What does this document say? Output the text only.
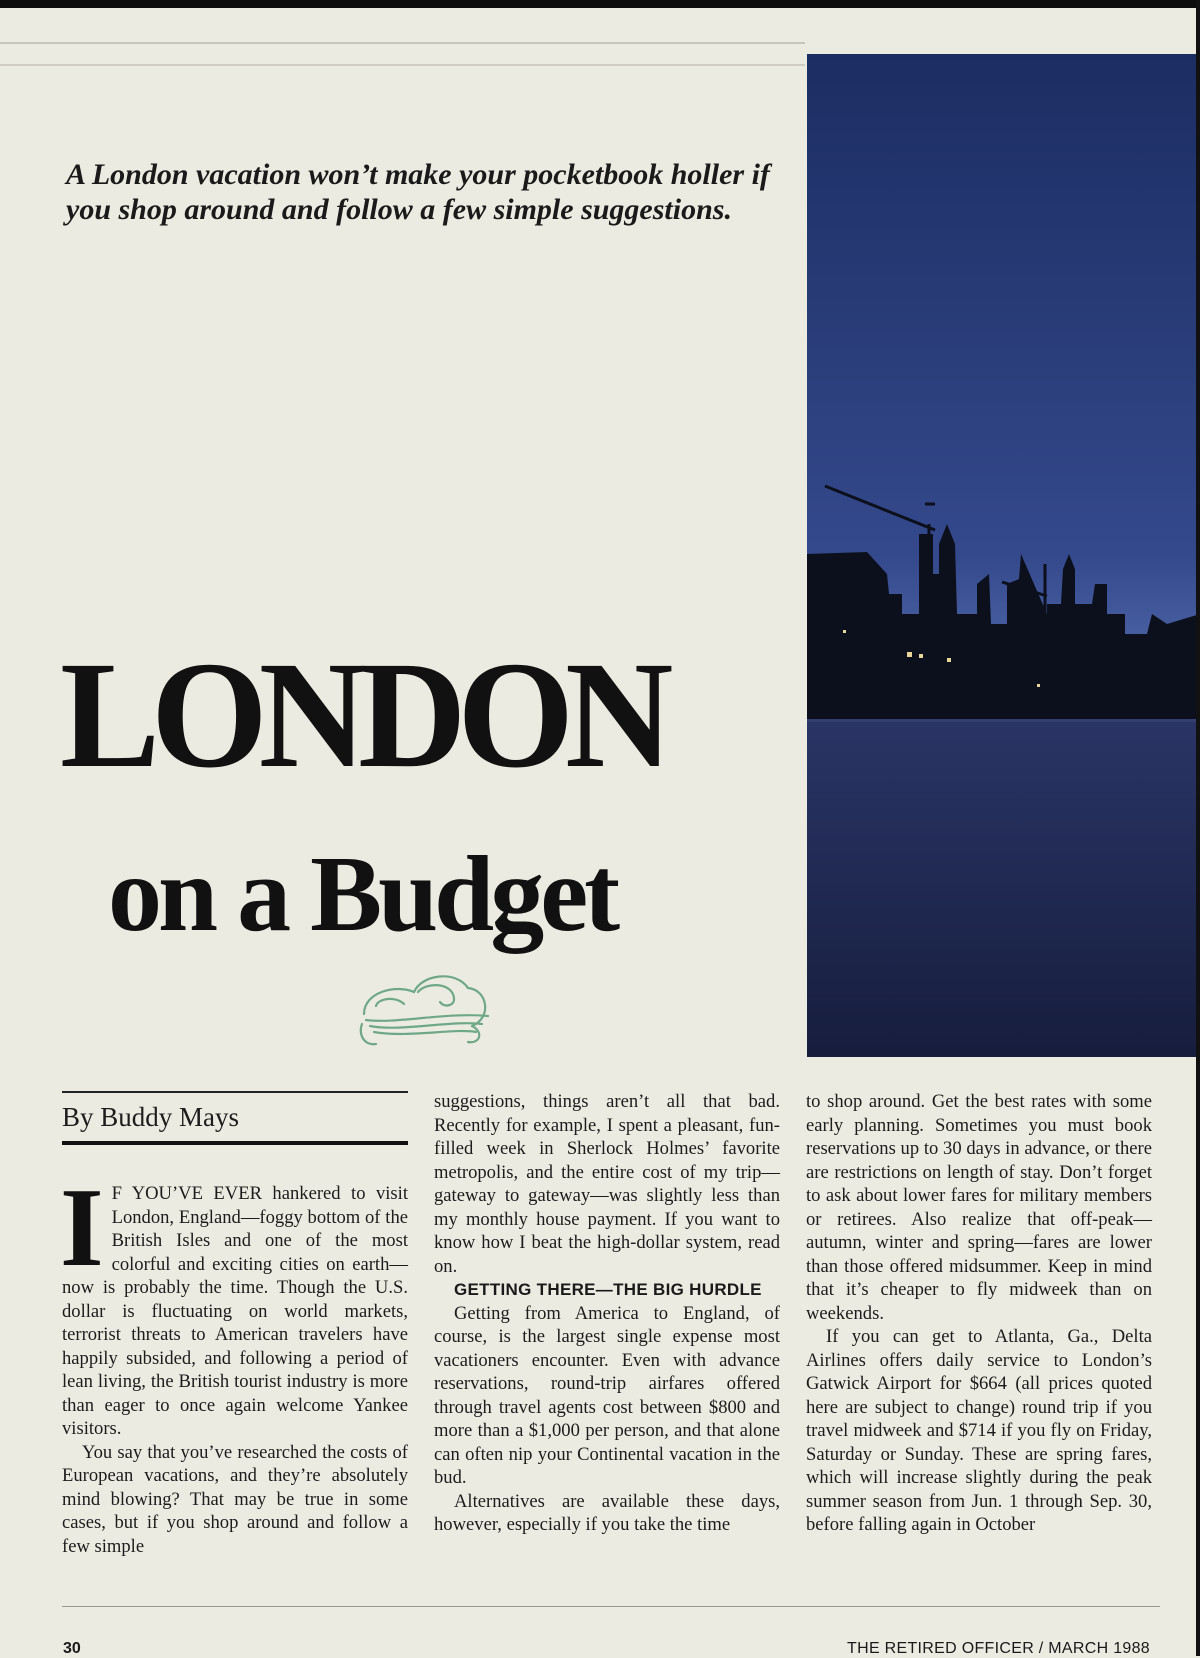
A London vacation won’t make your pocketbook holler if you shop around and follow a few simple suggestions.

LONDON
on a Budget

By Buddy Mays

I F YOU’VE EVER hankered to visit London, England—foggy bottom of the British Isles and one of the most colorful and exciting cities on earth—now is probably the time. Though the U.S. dollar is fluctuating on world markets, terrorist threats to American travelers have happily subsided, and following a period of lean living, the British tourist industry is more than eager to once again welcome Yankee visitors.

You say that you’ve researched the costs of European vacations, and they’re absolutely mind blowing? That may be true in some cases, but if you shop around and follow a few simple

suggestions, things aren’t all that bad. Recently for example, I spent a pleasant, fun-filled week in Sherlock Holmes’ favorite metropolis, and the entire cost of my trip—gateway to gateway—was slightly less than my monthly house payment. If you want to know how I beat the high-dollar system, read on.

GETTING THERE—THE BIG HURDLE

Getting from America to England, of course, is the largest single expense most vacationers encounter. Even with advance reservations, round-trip airfares offered through travel agents cost between $800 and more than a $1,000 per person, and that alone can often nip your Continental vacation in the bud.

Alternatives are available these days, however, especially if you take the time

to shop around. Get the best rates with some early planning. Sometimes you must book reservations up to 30 days in advance, or there are restrictions on length of stay. Don’t forget to ask about lower fares for military members or retirees. Also realize that off-peak—autumn, winter and spring—fares are lower than those offered midsummer. Keep in mind that it’s cheaper to fly midweek than on weekends.

If you can get to Atlanta, Ga., Delta Airlines offers daily service to London’s Gatwick Airport for $664 (all prices quoted here are subject to change) round trip if you travel midweek and $714 if you fly on Friday, Saturday or Sunday. These are spring fares, which will increase slightly during the peak summer season from Jun. 1 through Sep. 30, before falling again in October

30	THE RETIRED OFFICER / MARCH 1988
